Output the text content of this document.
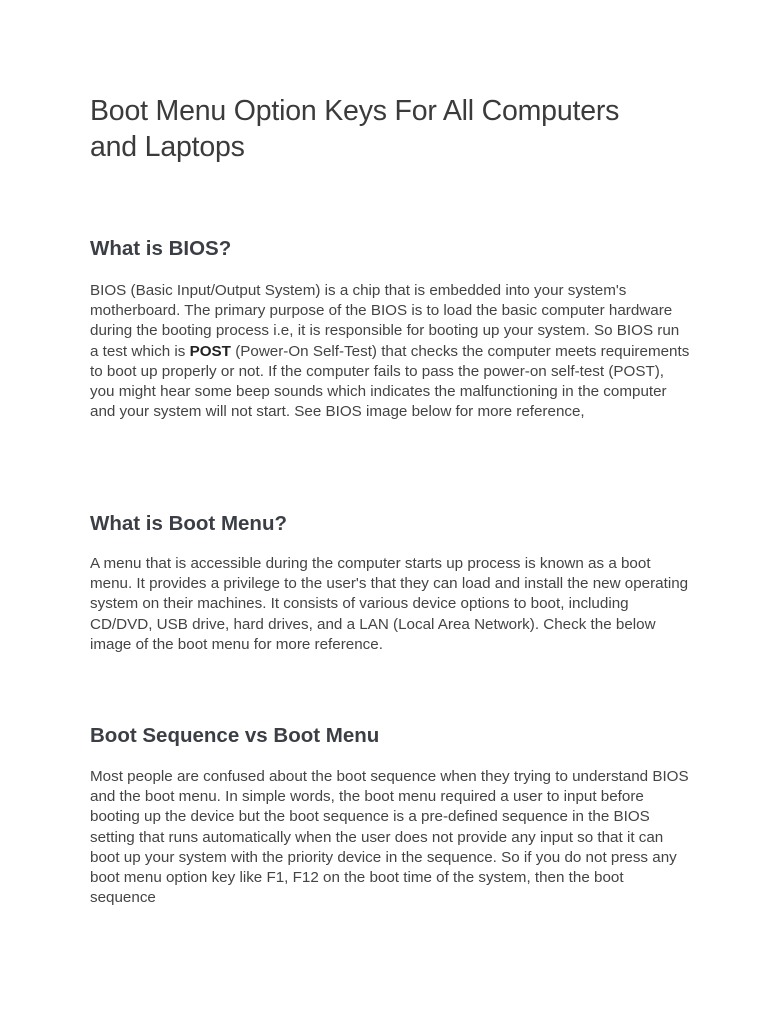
Boot Menu Option Keys For All Computers
and Laptops
What is BIOS?

BIOS (Basic Input/Output System) is a chip that is embedded into your system's motherboard. The primary purpose of the BIOS is to load the basic computer hardware during the booting process i.e, it is responsible for booting up your system. So BIOS run a test which is POST (Power-On Self-Test) that checks the computer meets requirements to boot up properly or not. If the computer fails to pass the power-on self-test (POST), you might hear some beep sounds which indicates the malfunctioning in the computer and your system will not start. See BIOS image below for more reference,

What is Boot Menu?

A menu that is accessible during the computer starts up process is known as a boot menu. It provides a privilege to the user's that they can load and install the new operating system on their machines. It consists of various device options to boot, including CD/DVD, USB drive, hard drives, and a LAN (Local Area Network). Check the below image of the boot menu for more reference.

Boot Sequence vs Boot Menu

Most people are confused about the boot sequence when they trying to understand BIOS and the boot menu. In simple words, the boot menu required a user to input before booting up the device but the boot sequence is a pre-defined sequence in the BIOS setting that runs automatically when the user does not provide any input so that it can boot up your system with the priority device in the sequence. So if you do not press any boot menu option key like F1, F12 on the boot time of the system, then the boot sequence
